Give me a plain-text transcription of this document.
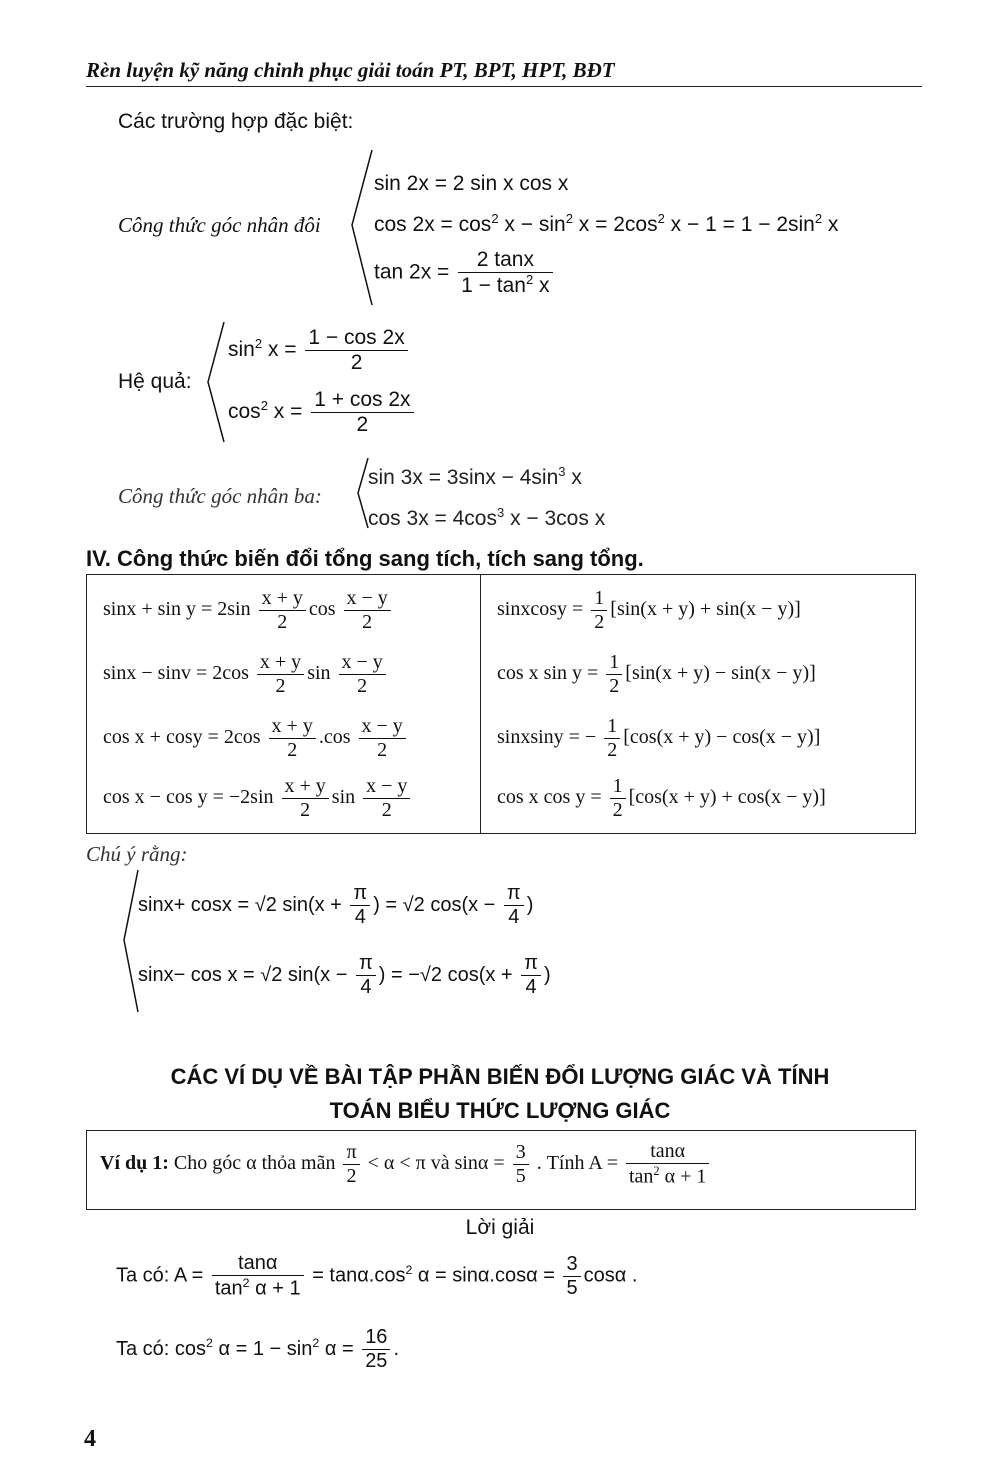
Rèn luyện kỹ năng chinh phục giải toán PT, BPT, HPT, BĐT
Các trường hợp đặc biệt:
Công thức góc nhân đôi
sin 2x = 2 sin x cos x
$\cos 2x = \cos^2 x - \sin^2 x = 2\cos^2$ $x - 1 = 1 - 2\sin^2$ x
$\tan 2x = \frac{2 \tan x}{1 - \tan^2 x}$
Hệ quả:
$\sin^2 x = \frac{1 - \cos 2x}{2}$
$\cos^2 x = \frac{1 + \cos 2x}{2}$
Công thức góc nhân ba:
$\sin 3x = 3\sin x - 4\sin^3$ x
$\cos 3x = 4\cos^3$ x − 3cos x
IV. Công thức biến đổi tổng sang tích, tích sang tổng.
$\sin x + \sin y = 2\sin \frac{x + y}{2}$ $\cos \frac{x - y}{2}$
$\sin x - \sin v = 2\cos \frac{x + y}{2}$ $\sin \frac{x - y}{2}$
$\cos x + \cos y = 2\cos \frac{x + y}{2} .\cos \frac{x - y}{2}$
$\cos x - \cos y = -2\sin \frac{x + y}{2}$ $\sin \frac{x - y}{2}$
sinxcosy = $\frac{1}{2} [\sin(x + y) + \sin(x - y)]$
cos x $\sin y = \frac{1}{2} [\sin(x + y) - \sin(x - y)]$
sinxsiny = − $\frac{1}{2} [\cos(x + y) - \cos(x - y)]$
cos x $\cos y = \frac{1}{2} [\cos(x + y) + \cos(x - y)]$
Chú ý rằng:
sinx+ cosx = √2 $\sin(x + \frac{\pi}{4}$ ) = √2 $\cos(x - \frac{\pi}{4}$ )
sinx− cos x = √2 $\sin(x - \frac{\pi}{4}$ ) = −√2 $\cos(x + \frac{\pi}{4}$ )
CÁC VÍ DỤ VỀ BÀI TẬP PHẦN BIẾN ĐỔI LƯỢNG GIÁC VÀ TÍNH
TOÁN BIỂU THỨC LƯỢNG GIÁC
Ví dụ 1: Cho góc α thỏa mãn $\frac{\pi}{2} < \alpha < \pi$ và $\sin\alpha = \frac{3}{5}$ . Tính $A = \frac{\tan\alpha}{\tan^2 \alpha + 1}$
Lời giải
Ta có: $A = \frac{\tan\alpha}{\tan^2 \alpha + 1} = \tan\alpha.\cos^2$ $\alpha = \sin\alpha.\cos\alpha = \frac{3}{5}$ cosα .
Ta có: $\cos^2 \alpha = 1 - \sin^2 \alpha = \frac{16}{25}$ .
4
